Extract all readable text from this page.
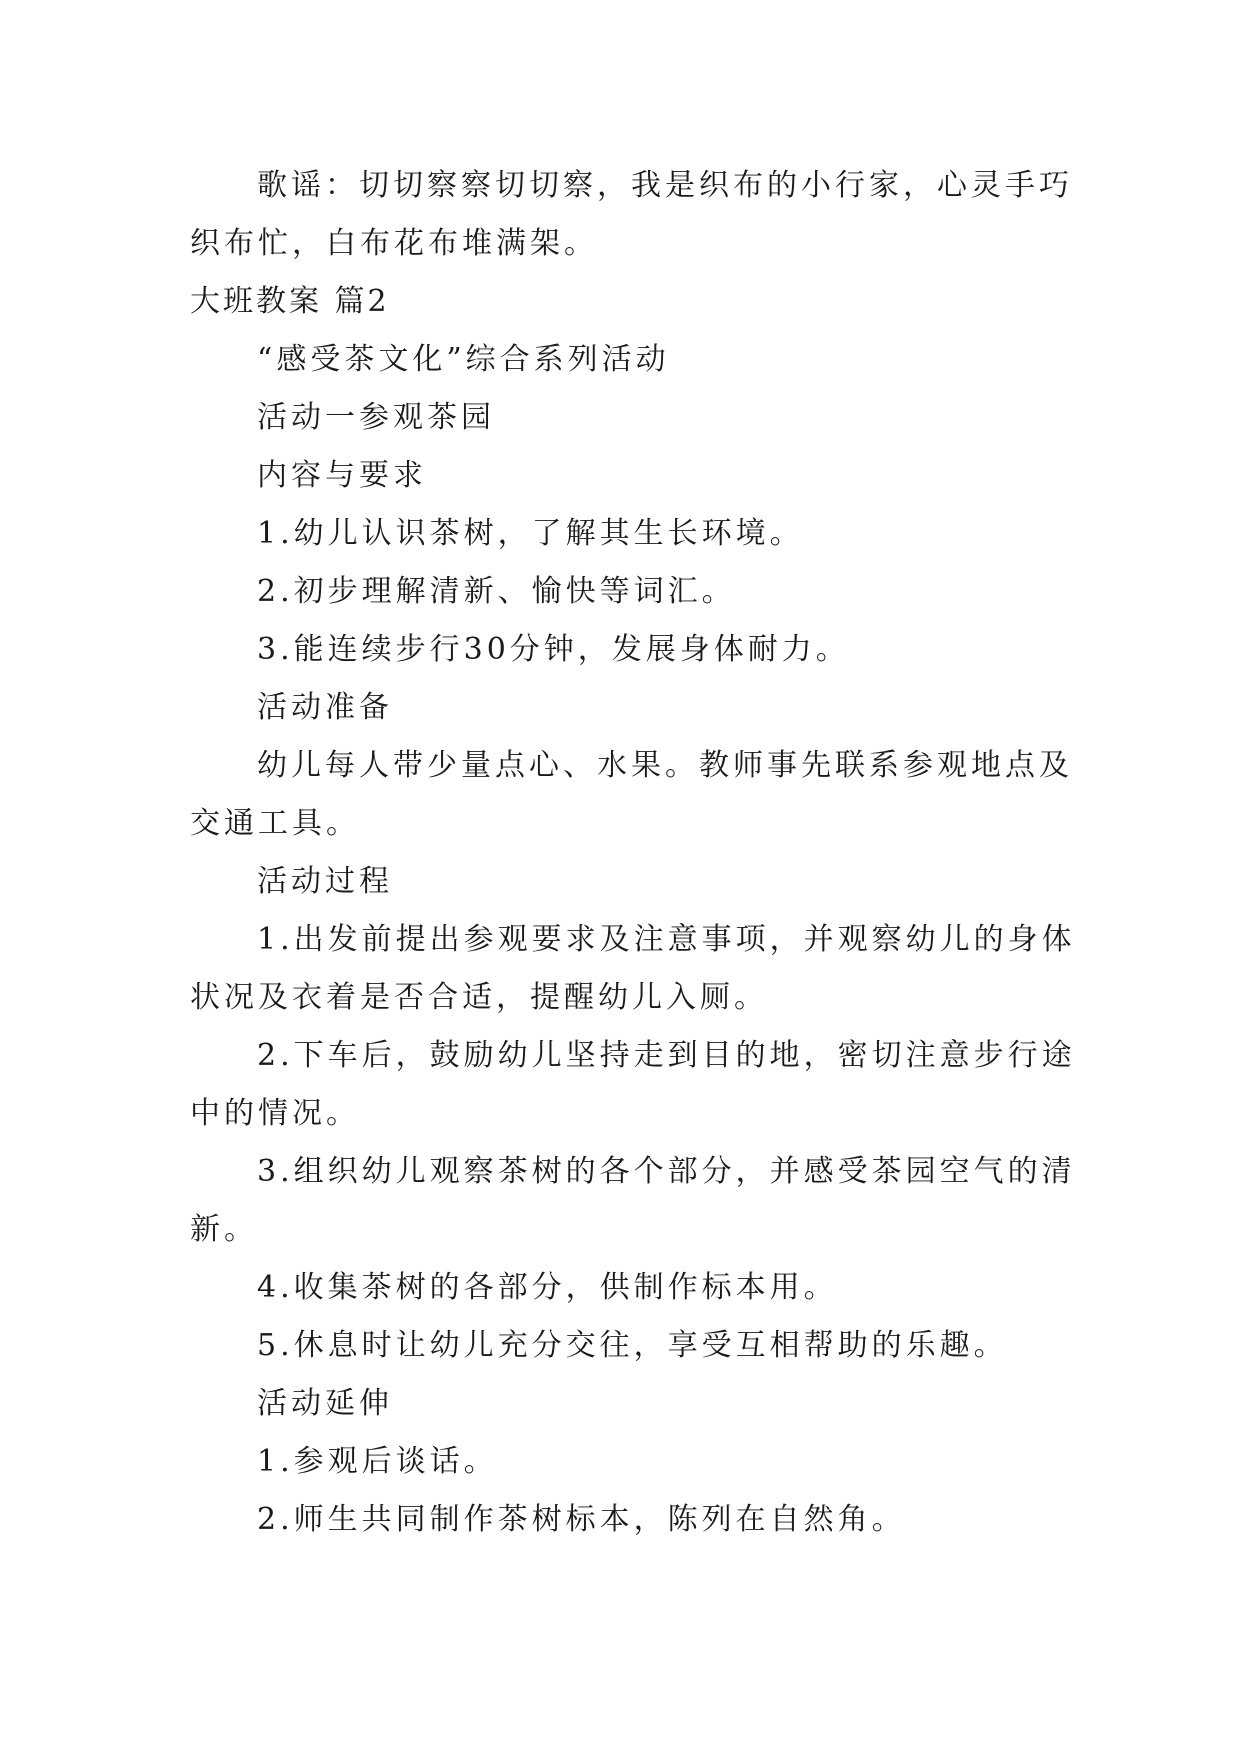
歌谣：切切察察切切察，我是织布的小行家，心灵手巧
织布忙，白布花布堆满架。
大班教案 篇2
“感受茶文化”综合系列活动
活动一参观茶园
内容与要求
1.幼儿认识茶树，了解其生长环境。
2.初步理解清新、愉快等词汇。
3.能连续步行30分钟，发展身体耐力。
活动准备
幼儿每人带少量点心、水果。教师事先联系参观地点及
交通工具。
活动过程
1.出发前提出参观要求及注意事项，并观察幼儿的身体
状况及衣着是否合适，提醒幼儿入厕。
2.下车后，鼓励幼儿坚持走到目的地，密切注意步行途
中的情况。
3.组织幼儿观察茶树的各个部分，并感受茶园空气的清
新。
4.收集茶树的各部分，供制作标本用。
5.休息时让幼儿充分交往，享受互相帮助的乐趣。
活动延伸
1.参观后谈话。
2.师生共同制作茶树标本，陈列在自然角。
